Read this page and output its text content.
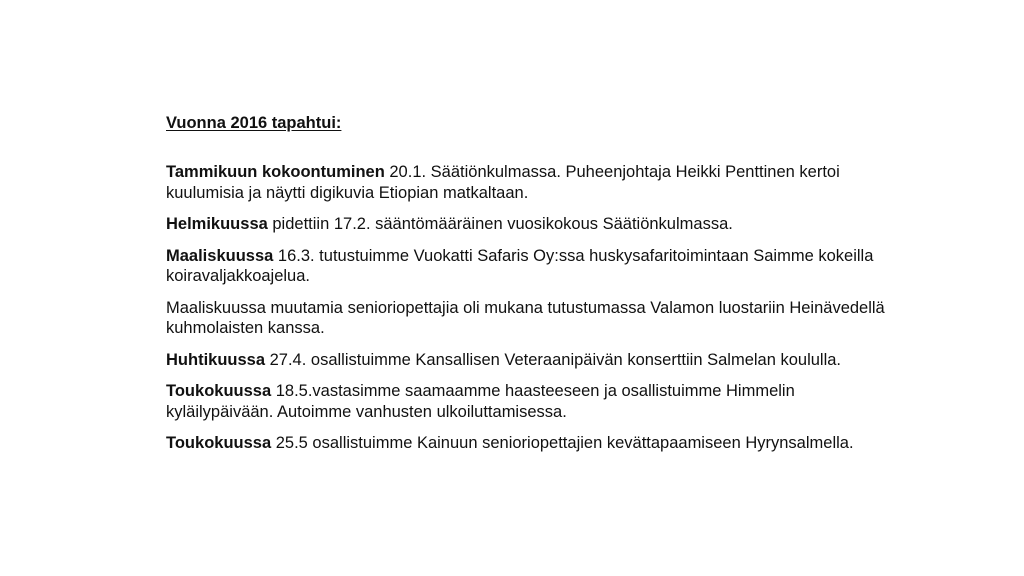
Vuonna 2016 tapahtui:

Tammikuun kokoontuminen 20.1. Säätiönkulmassa. Puheenjohtaja Heikki Penttinen kertoi kuulumisia ja näytti digikuvia Etiopian matkaltaan.

Helmikuussa pidettiin 17.2. sääntömääräinen vuosikokous Säätiönkulmassa.

Maaliskuussa 16.3. tutustuimme Vuokatti Safaris Oy:ssa huskysafaritoimintaan Saimme kokeilla koiravaljakkoajelua.

Maaliskuussa muutamia senioriopettajia oli mukana tutustumassa Valamon luostariin Heinävedellä kuhmolaisten kanssa.

Huhtikuussa 27.4. osallistuimme Kansallisen Veteraanipäivän konserttiin Salmelan koululla.

Toukokuussa 18.5.vastasimme saamaamme haasteeseen ja osallistuimme Himmelin kyläilypäivään. Autoimme vanhusten ulkoiluttamisessa.

Toukokuussa 25.5 osallistuimme Kainuun senioriopettajien kevättapaamiseen Hyrynsalmella.
